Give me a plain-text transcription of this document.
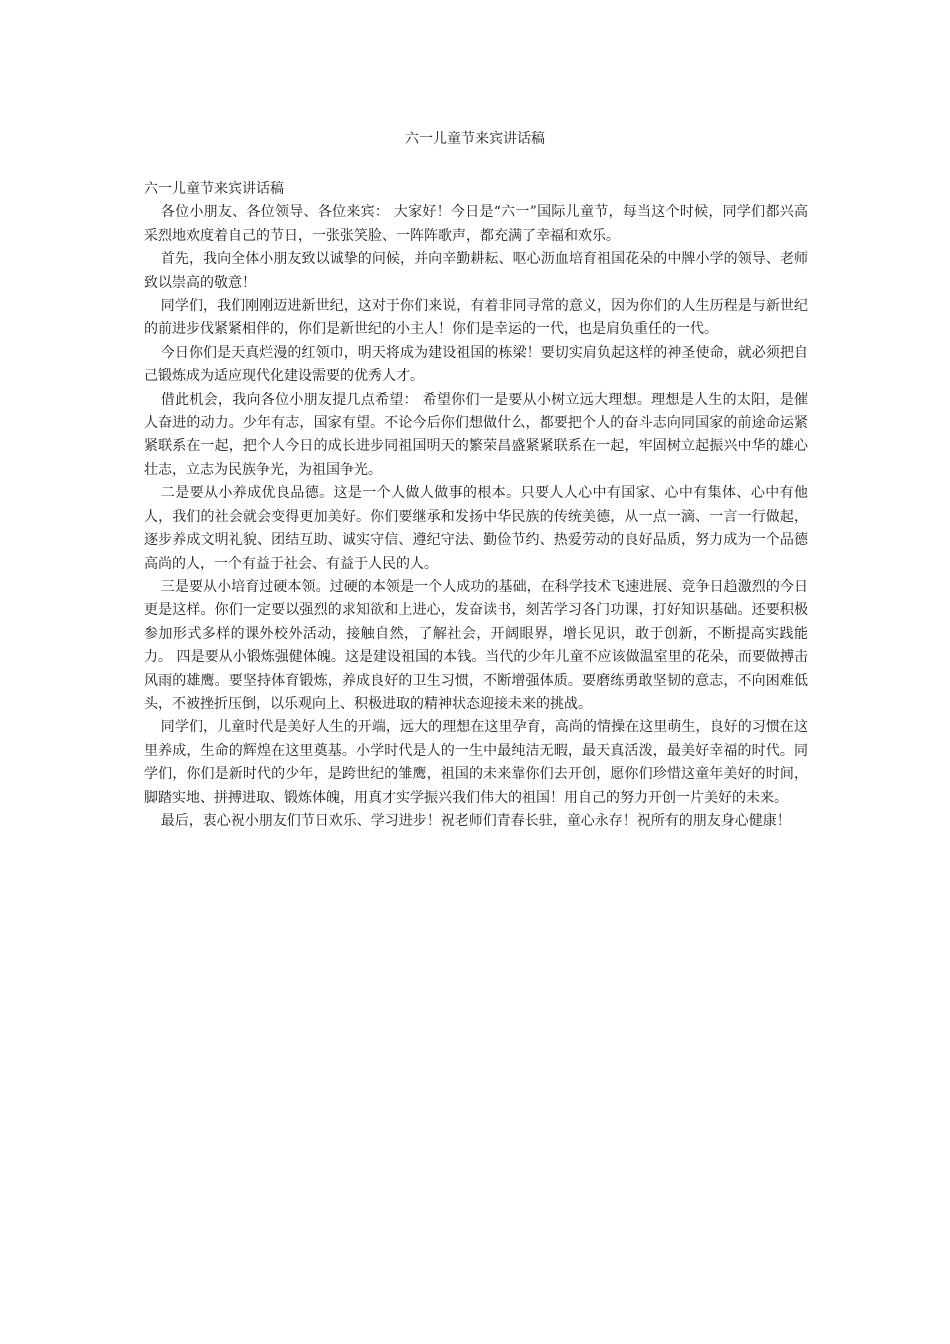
六一儿童节来宾讲话稿

六一儿童节来宾讲话稿

各位小朋友、各位领导、各位来宾： 大家好！今日是“六一”国际儿童节，每当这个时候，同学们都兴高采烈地欢度着自己的节日，一张张笑脸、一阵阵歌声，都充满了幸福和欢乐。

首先，我向全体小朋友致以诚挚的问候，并向辛勤耕耘、呕心沥血培育祖国花朵的中牌小学的领导、老师致以崇高的敬意！

同学们，我们刚刚迈进新世纪，这对于你们来说，有着非同寻常的意义，因为你们的人生历程是与新世纪的前进步伐紧紧相伴的，你们是新世纪的小主人！你们是幸运的一代，也是肩负重任的一代。

今日你们是天真烂漫的红领巾，明天将成为建设祖国的栋梁！要切实肩负起这样的神圣使命，就必须把自己锻炼成为适应现代化建设需要的优秀人才。

借此机会，我向各位小朋友提几点希望： 希望你们一是要从小树立远大理想。理想是人生的太阳，是催人奋进的动力。少年有志，国家有望。不论今后你们想做什么，都要把个人的奋斗志向同国家的前途命运紧紧联系在一起，把个人今日的成长进步同祖国明天的繁荣昌盛紧紧联系在一起，牢固树立起振兴中华的雄心壮志，立志为民族争光，为祖国争光。

二是要从小养成优良品德。这是一个人做人做事的根本。只要人人心中有国家、心中有集体、心中有他人，我们的社会就会变得更加美好。你们要继承和发扬中华民族的传统美德，从一点一滴、一言一行做起，逐步养成文明礼貌、团结互助、诚实守信、遵纪守法、勤俭节约、热爱劳动的良好品质，努力成为一个品德高尚的人，一个有益于社会、有益于人民的人。

三是要从小培育过硬本领。过硬的本领是一个人成功的基础，在科学技术飞速进展、竞争日趋激烈的今日更是这样。你们一定要以强烈的求知欲和上进心，发奋读书，刻苦学习各门功课，打好知识基础。还要积极参加形式多样的课外校外活动，接触自然，了解社会，开阔眼界，增长见识，敢于创新，不断提高实践能力。 四是要从小锻炼强健体魄。这是建设祖国的本钱。当代的少年儿童不应该做温室里的花朵，而要做搏击风雨的雄鹰。要坚持体育锻炼，养成良好的卫生习惯，不断增强体质。要磨练勇敢坚韧的意志，不向困难低头，不被挫折压倒，以乐观向上、积极进取的精神状态迎接未来的挑战。

同学们，儿童时代是美好人生的开端，远大的理想在这里孕育，高尚的情操在这里萌生，良好的习惯在这里养成，生命的辉煌在这里奠基。小学时代是人的一生中最纯洁无暇，最天真活泼，最美好幸福的时代。同学们，你们是新时代的少年，是跨世纪的雏鹰，祖国的未来靠你们去开创，愿你们珍惜这童年美好的时间，脚踏实地、拼搏进取、锻炼体魄，用真才实学振兴我们伟大的祖国！用自己的努力开创一片美好的未来。

最后，衷心祝小朋友们节日欢乐、学习进步！祝老师们青春长驻，童心永存！祝所有的朋友身心健康！
